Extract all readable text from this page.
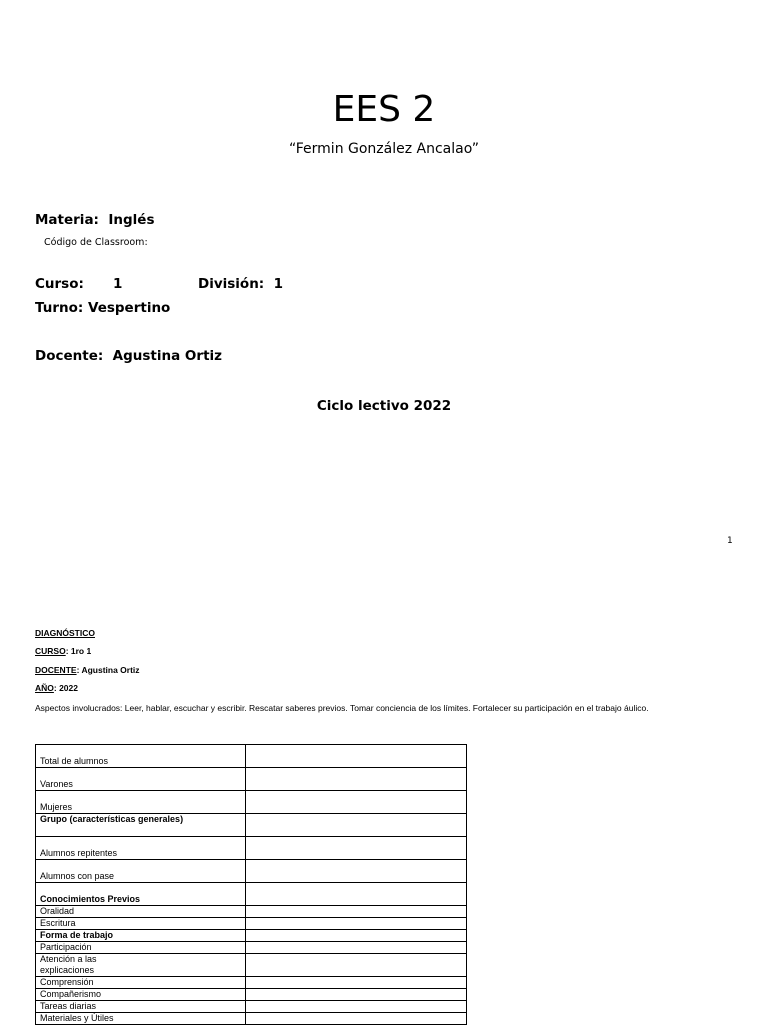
EES 2
“Fermin González Ancalao”
Materia: Inglés
Código de Classroom:
Curso: 1	División: 1
Turno: Vespertino
Docente: Agustina Ortiz
Ciclo lectivo 2022
1
DIAGNÓSTICO
CURSO: 1ro 1
DOCENTE: Agustina Ortiz
AÑO: 2022
Aspectos involucrados: Leer, hablar, escuchar y escribir. Rescatar saberes previos. Tomar conciencia de los límites. Fortalecer su participación en el trabajo áulico.
Total de alumnos	
Varones	
Mujeres	
Grupo (características generales)	
Alumnos repitentes	
Alumnos con pase	
Conocimientos Previos	
Oralidad	
Escritura	
Forma de trabajo	
Participación	

Atención a las explicaciones	

Comprensión	
Compañerismo	
Tareas diarias	
Materiales y Útiles	
